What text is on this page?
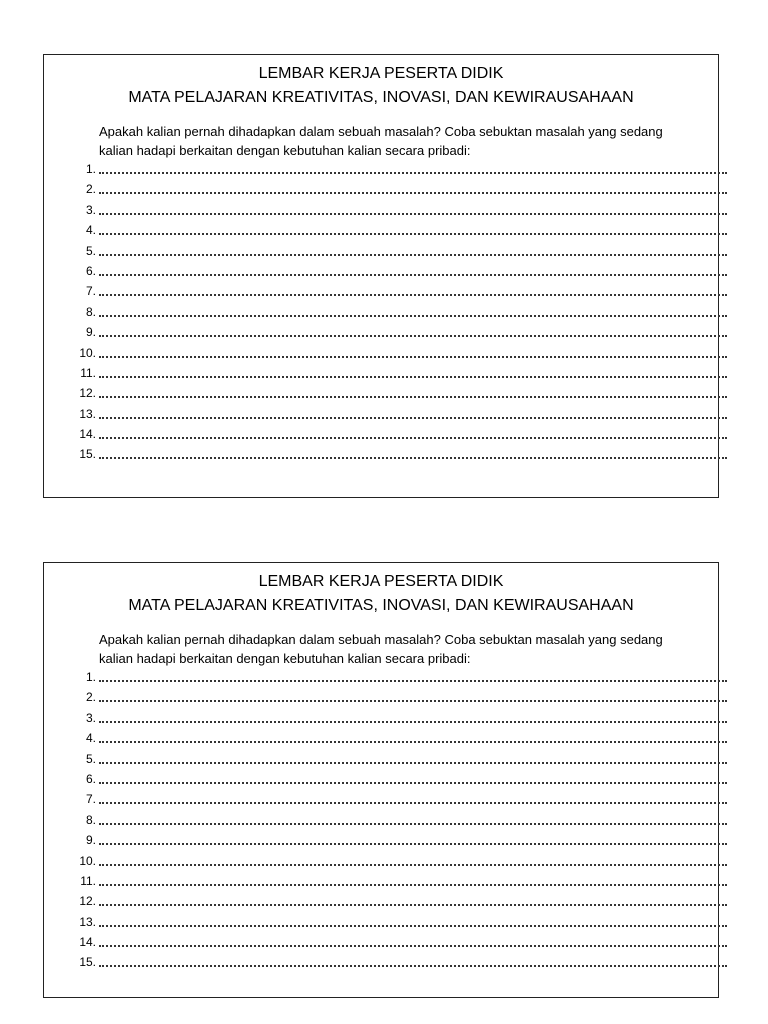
LEMBAR KERJA PESERTA DIDIK
MATA PELAJARAN KREATIVITAS, INOVASI, DAN KEWIRAUSAHAAN
Apakah kalian pernah dihadapkan dalam sebuah masalah? Coba sebuktan masalah yang sedang
kalian hadapi berkaitan dengan kebutuhan kalian secara pribadi:
1.
2.
3.
4.
5.
6.
7.
8.
9.
10.
11.
12.
13.
14.
15.
LEMBAR KERJA PESERTA DIDIK
MATA PELAJARAN KREATIVITAS, INOVASI, DAN KEWIRAUSAHAAN
Apakah kalian pernah dihadapkan dalam sebuah masalah? Coba sebuktan masalah yang sedang
kalian hadapi berkaitan dengan kebutuhan kalian secara pribadi:
1.
2.
3.
4.
5.
6.
7.
8.
9.
10.
11.
12.
13.
14.
15.
